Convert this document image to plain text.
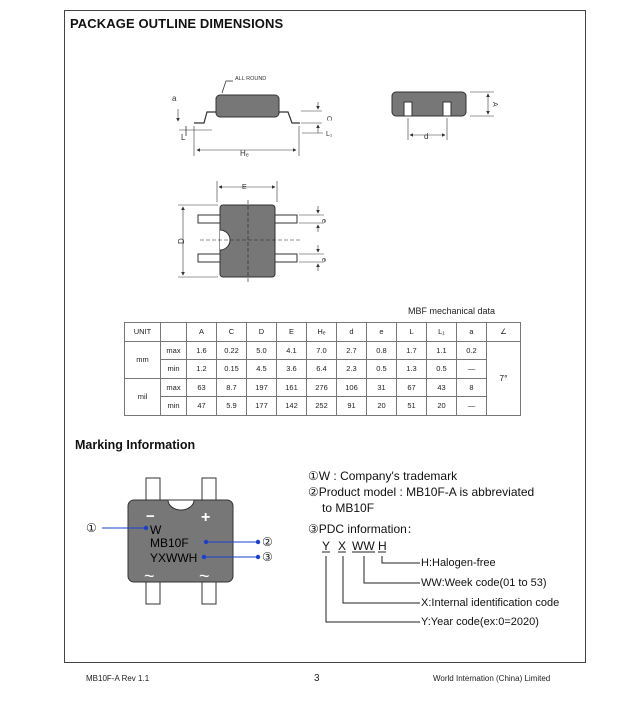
PACKAGE OUTLINE DIMENSIONS
ALL ROUND
a
L
Hₑ
C
L₁
A
d
E
D
e
e
MBF mechanical data
UNIT		A	C	D	E	Hₑ	d	e	L	L₁	a	∠
mm	max	1.6	0.22	5.0	4.1	7.0	2.7	0.8	1.7	1.1	0.2	7°
	min	1.2	0.15	4.5	3.6	6.4	2.3	0.5	1.3	0.5	—	
mil	max	63	8.7	197	161	276	106	31	67	43	8	
	min	47	5.9	177	142	252	91	20	51	20	—	
Marking Information
−	+
W
MB10F
YXWWH
~ ~
①
②
③
①W : Company's trademark
②Product model : MB10F-A is abbreviated
to MB10F
③PDC information：
Y X WW H
H:Halogen-free
WW:Week code(01 to 53)
X:Internal identification code
Y:Year code(ex:0=2020)
MB10F-A Rev 1.1	3	World Internation (China) Limited
